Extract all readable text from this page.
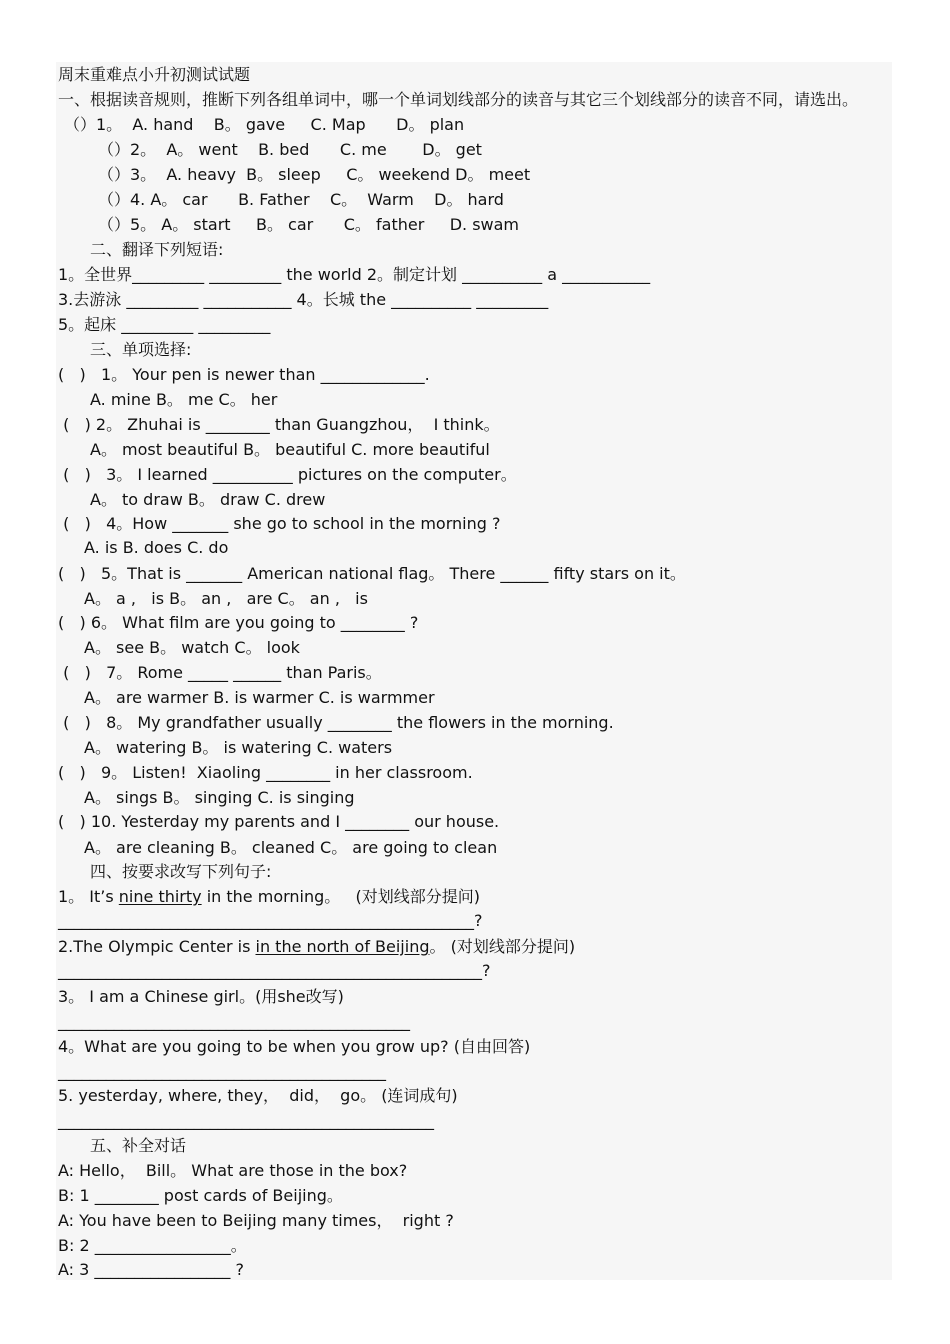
周末重难点小升初测试试题
一、根据读音规则，推断下列各组单词中，哪一个单词划线部分的读音与其它三个划线部分的读音不同，请选出。
（）1。  A. hand    B。 gave     C. Map      D。 plan
（）2。  A。 went    B. bed      C. me       D。 get
（）3。  A. heavy  B。 sleep     C。 weekend D。 meet
（）4. A。 car      B. Father    C。  Warm    D。 hard
（）5。 A。 start     B。 car      C。 father     D. swam
二、翻译下列短语:
1。全世界_________ _________ the world 2。制定计划 __________ a ___________
3.去游泳 _________ ___________ 4。长城 the __________ _________
5。起床 _________ _________
三、单项选择:
(   )   1。 Your pen is newer than _____________.
A. mine B。 me C。 her
(   ) 2。 Zhuhai is ________ than Guangzhou，  I think。
A。 most beautiful B。 beautiful C. more beautiful
(   )   3。 I learned __________ pictures on the computer。
A。 to draw B。 draw C. drew
(   )   4。How _______ she go to school in the morning ?
A. is B. does C. do
(   )   5。That is _______ American national flag。 There ______ fifty stars on it。
A。 a ,   is B。 an ,   are C。 an ,   is
(   ) 6。 What film are you going to ________ ?
A。 see B。 watch C。 look
(   )   7。 Rome _____ ______ than Paris。
A。 are warmer B. is warmer C. is warmmer
(   )   8。 My grandfather usually ________ the flowers in the morning.
A。 watering B。 is watering C. waters
(   )   9。 Listen!  Xiaoling ________ in her classroom.
A。 sings B。 singing C. is singing
(   ) 10. Yesterday my parents and I ________ our house.
A。 are cleaning B。 cleaned C。 are going to clean
四、按要求改写下列句子:
1。 It’s nine thirty in the morning。   (对划线部分提问)
____________________________________________________?
2.The Olympic Center is in the north of Beijing。 (对划线部分提问)
_____________________________________________________?
3。 I am a Chinese girl。(用she改写)
____________________________________________
4。What are you going to be when you grow up? (自由回答)
_________________________________________
5. yesterday, where, they，  did，  go。 (连词成句)
_______________________________________________
五、补全对话
A: Hello，  Bill。 What are those in the box?
B: 1 ________ post cards of Beijing。
A: You have been to Beijing many times，  right ?
B: 2 _________________。
A: 3 _________________ ?
